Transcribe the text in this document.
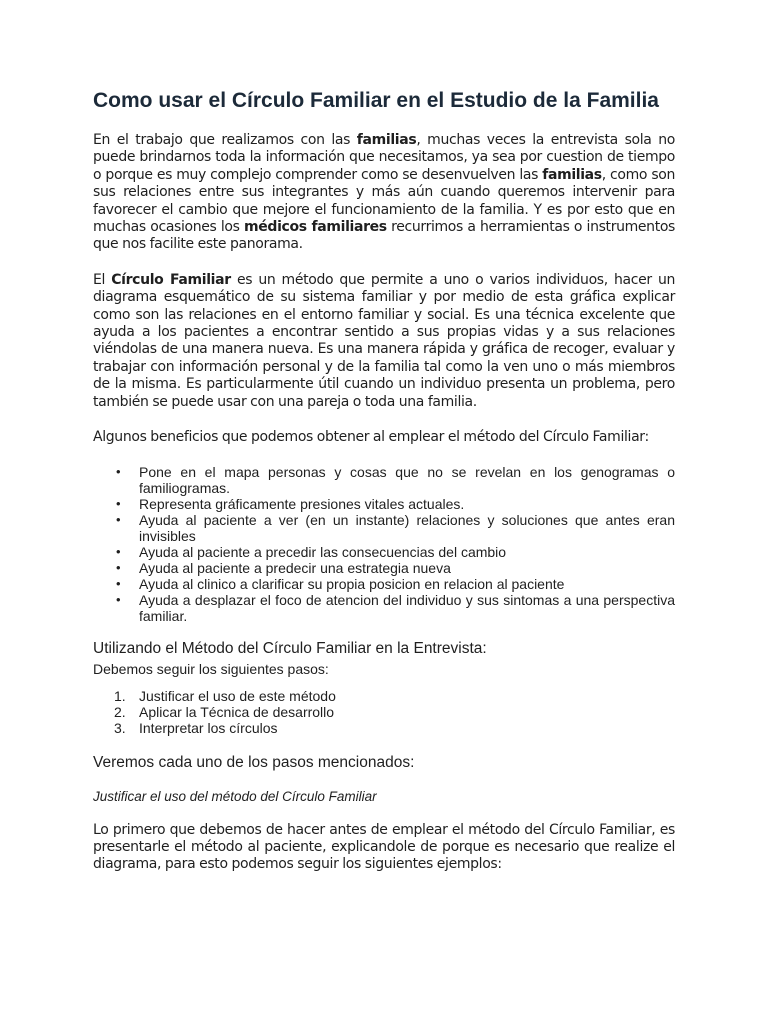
Como usar el Círculo Familiar en el Estudio de la Familia

En el trabajo que realizamos con las familias, muchas veces la entrevista sola no puede brindarnos toda la información que necesitamos, ya sea por cuestion de tiempo o porque es muy complejo comprender como se desenvuelven las familias, como son sus relaciones entre sus integrantes y más aún cuando queremos intervenir para favorecer el cambio que mejore el funcionamiento de la familia. Y es por esto que en muchas ocasiones los médicos familiares recurrimos a herramientas o instrumentos que nos facilite este panorama.

El Círculo Familiar es un método que permite a uno o varios individuos, hacer un diagrama esquemático de su sistema familiar y por medio de esta gráfica explicar como son las relaciones en el entorno familiar y social. Es una técnica excelente que ayuda a los pacientes a encontrar sentido a sus propias vidas y a sus relaciones viéndolas de una manera nueva. Es una manera rápida y gráfica de recoger, evaluar y trabajar con información personal y de la familia tal como la ven uno o más miembros de la misma. Es particularmente útil cuando un individuo presenta un problema, pero también se puede usar con una pareja o toda una familia.

Algunos beneficios que podemos obtener al emplear el método del Círculo Familiar:

• Pone en el mapa personas y cosas que no se revelan en los genogramas o familiogramas.
• Representa gráficamente presiones vitales actuales.
• Ayuda al paciente a ver (en un instante) relaciones y soluciones que antes eran invisibles
• Ayuda al paciente a precedir las consecuencias del cambio
• Ayuda al paciente a predecir una estrategia nueva
• Ayuda al clinico a clarificar su propia posicion en relacion al paciente
• Ayuda a desplazar el foco de atencion del individuo y sus sintomas a una perspectiva familiar.

Utilizando el Método del Círculo Familiar en la Entrevista:

Debemos seguir los siguientes pasos:

1. Justificar el uso de este método
2. Aplicar la Técnica de desarrollo
3. Interpretar los círculos

Veremos cada uno de los pasos mencionados:

Justificar el uso del método del Círculo Familiar

Lo primero que debemos de hacer antes de emplear el método del Círculo Familiar, es presentarle el método al paciente, explicandole de porque es necesario que realize el diagrama, para esto podemos seguir los siguientes ejemplos:
